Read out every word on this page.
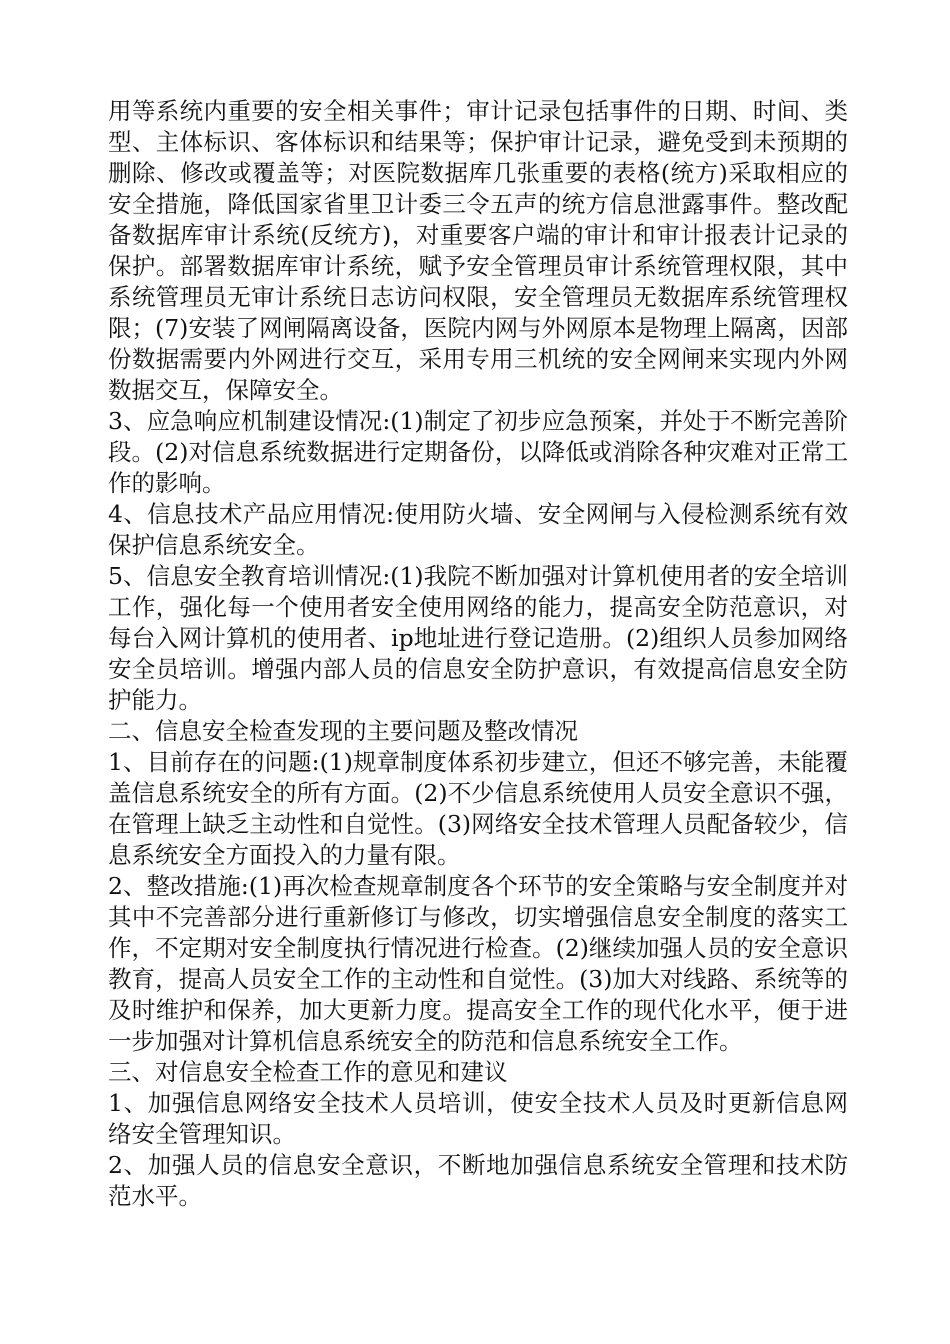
用等系统内重要的安全相关事件；审计记录包括事件的日期、时间、类型、主体标识、客体标识和结果等；保护审计记录，避免受到未预期的删除、修改或覆盖等；对医院数据库几张重要的表格(统方)采取相应的安全措施，降低国家省里卫计委三令五声的统方信息泄露事件。整改配备数据库审计系统(反统方)，对重要客户端的审计和审计报表计记录的保护。部署数据库审计系统，赋予安全管理员审计系统管理权限，其中系统管理员无审计系统日志访问权限，安全管理员无数据库系统管理权限；(7)安装了网闸隔离设备，医院内网与外网原本是物理上隔离，因部份数据需要内外网进行交互，采用专用三机统的安全网闸来实现内外网数据交互，保障安全。

3、应急响应机制建设情况:(1)制定了初步应急预案，并处于不断完善阶段。(2)对信息系统数据进行定期备份，以降低或消除各种灾难对正常工作的影响。

4、信息技术产品应用情况:使用防火墙、安全网闸与入侵检测系统有效保护信息系统安全。

5、信息安全教育培训情况:(1)我院不断加强对计算机使用者的安全培训工作，强化每一个使用者安全使用网络的能力，提高安全防范意识，对每台入网计算机的使用者、ip地址进行登记造册。(2)组织人员参加网络安全员培训。增强内部人员的信息安全防护意识，有效提高信息安全防护能力。

二、信息安全检查发现的主要问题及整改情况

1、目前存在的问题:(1)规章制度体系初步建立，但还不够完善，未能覆盖信息系统安全的所有方面。(2)不少信息系统使用人员安全意识不强，在管理上缺乏主动性和自觉性。(3)网络安全技术管理人员配备较少，信息系统安全方面投入的力量有限。

2、整改措施:(1)再次检查规章制度各个环节的安全策略与安全制度并对其中不完善部分进行重新修订与修改，切实增强信息安全制度的落实工作，不定期对安全制度执行情况进行检查。(2)继续加强人员的安全意识教育，提高人员安全工作的主动性和自觉性。(3)加大对线路、系统等的及时维护和保养，加大更新力度。提高安全工作的现代化水平，便于进一步加强对计算机信息系统安全的防范和信息系统安全工作。

三、对信息安全检查工作的意见和建议

1、加强信息网络安全技术人员培训，使安全技术人员及时更新信息网络安全管理知识。

2、加强人员的信息安全意识，不断地加强信息系统安全管理和技术防范水平。
